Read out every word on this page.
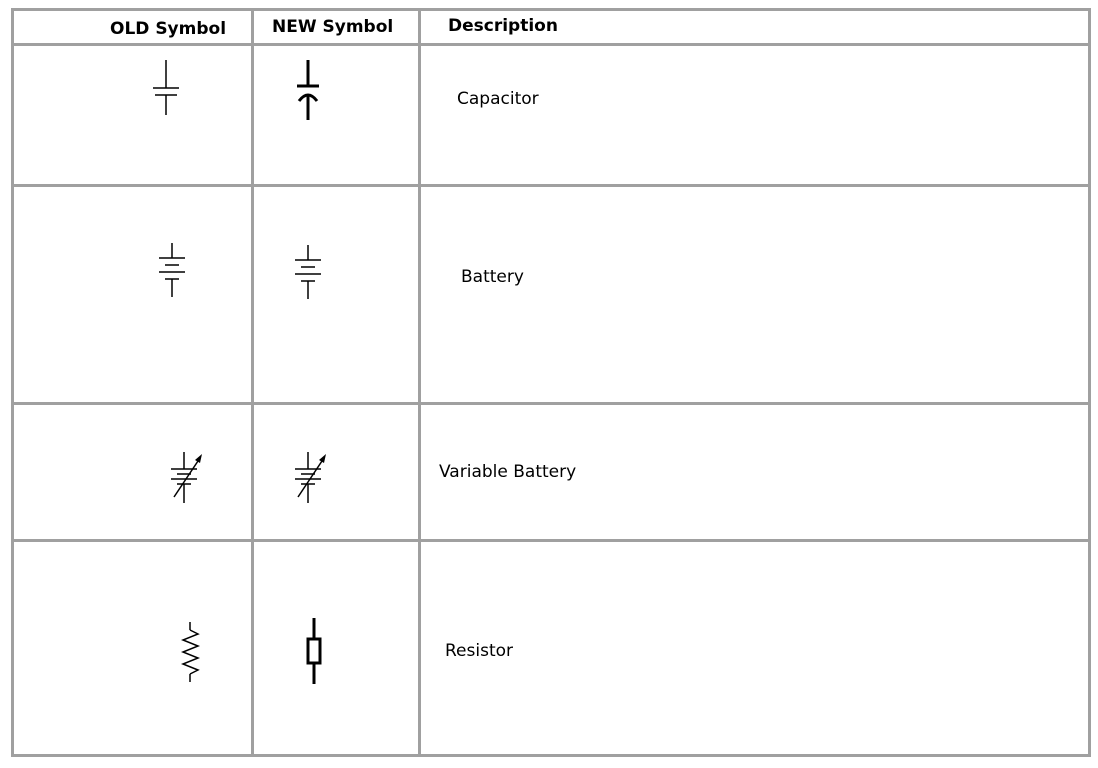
OLD Symbol	NEW Symbol	Description
Capacitor
Battery
Variable Battery
Resistor
